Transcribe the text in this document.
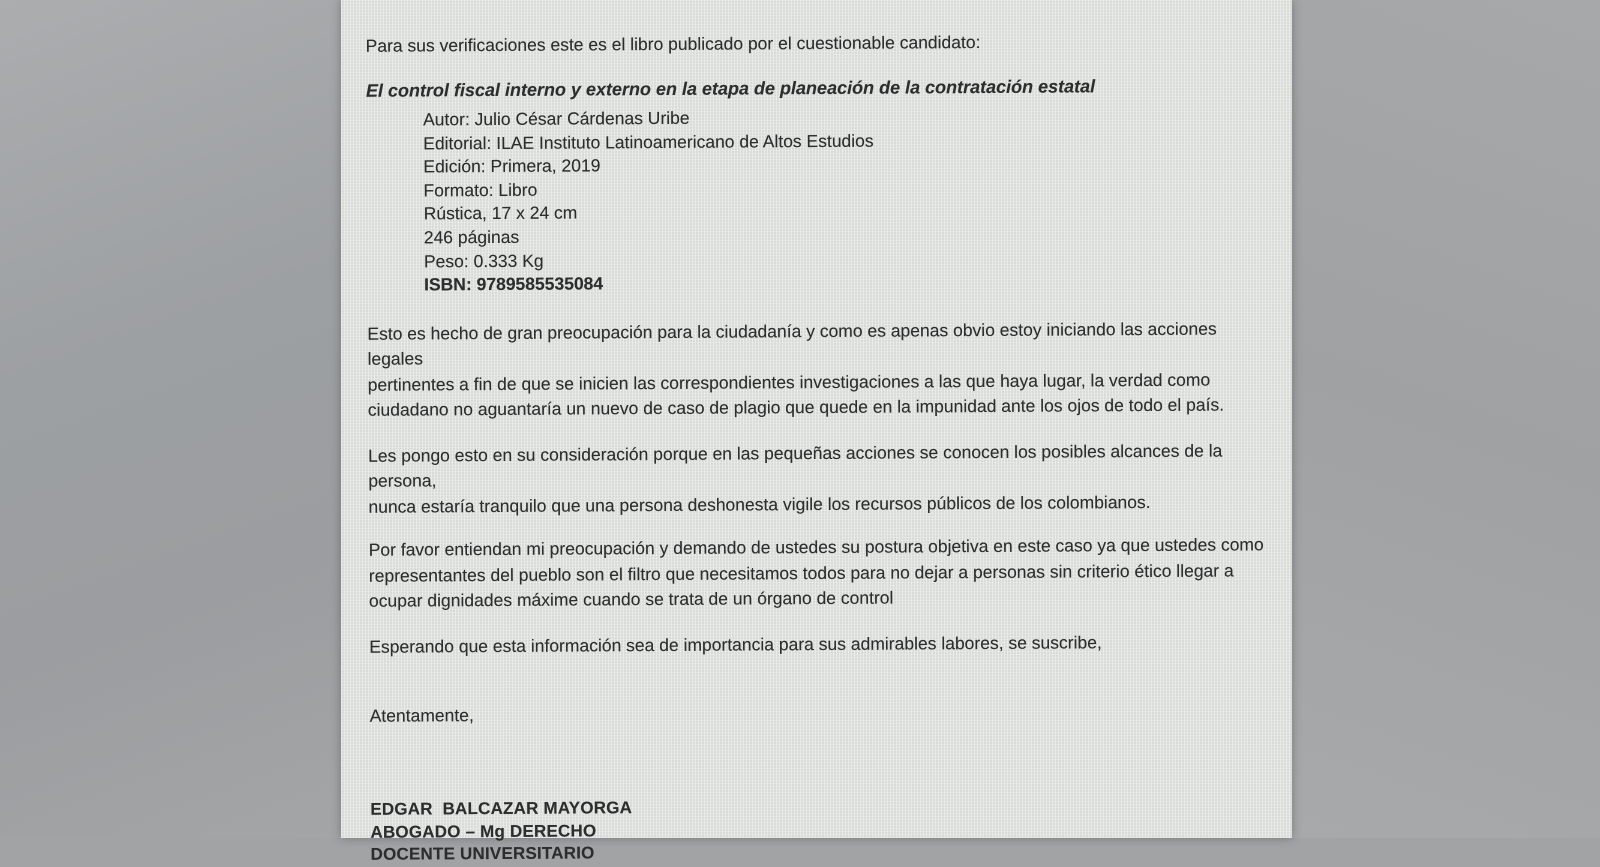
Para sus verificaciones este es el libro publicado por el cuestionable candidato:

El control fiscal interno y externo en la etapa de planeación de la contratación estatal

Autor: Julio César Cárdenas Uribe
Editorial: ILAE Instituto Latinoamericano de Altos Estudios
Edición: Primera, 2019
Formato: Libro
Rústica, 17 x 24 cm
246 páginas
Peso: 0.333 Kg
ISBN: 9789585535084

Esto es hecho de gran preocupación para la ciudadanía y como es apenas obvio estoy iniciando las acciones legales
pertinentes a fin de que se inicien las correspondientes investigaciones a las que haya lugar, la verdad como
ciudadano no aguantaría un nuevo de caso de plagio que quede en la impunidad ante los ojos de todo el país.

Les pongo esto en su consideración porque en las pequeñas acciones se conocen los posibles alcances de la persona,
nunca estaría tranquilo que una persona deshonesta vigile los recursos públicos de los colombianos.

Por favor entiendan mi preocupación y demando de ustedes su postura objetiva en este caso ya que ustedes como
representantes del pueblo son el filtro que necesitamos todos para no dejar a personas sin criterio ético llegar a
ocupar dignidades máxime cuando se trata de un órgano de control

Esperando que esta información sea de importancia para sus admirables labores, se suscribe,

Atentamente,

EDGAR  BALCAZAR MAYORGA
ABOGADO – Mg DERECHO
DOCENTE UNIVERSITARIO
